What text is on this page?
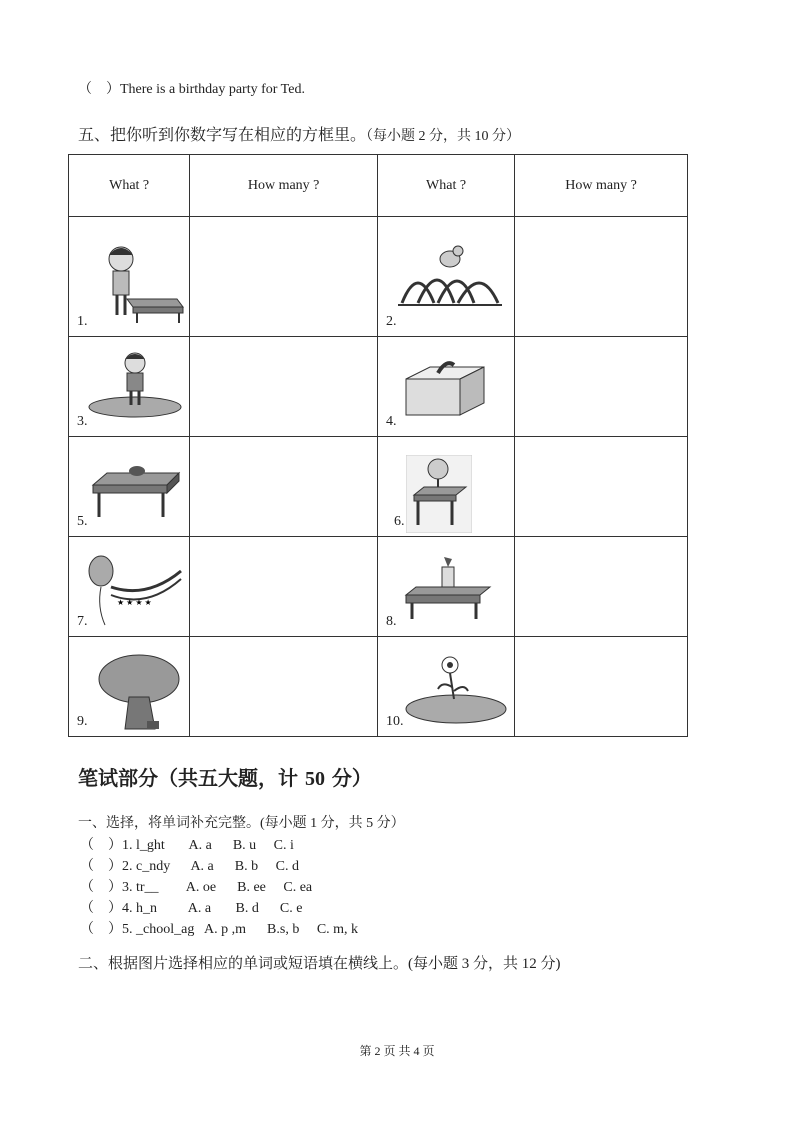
（    ）There is a birthday party for Ted.
五、把你听到你数字写在相应的方框里。（每小题 2 分，共 10 分）
What ?	How many ?	What ?	How many ?

1.		2.	

3.		4.	

5.		6.	

★ ★ ★ ★
7.		8.	

9.		10.	

笔试部分（共五大题，计 50 分）
一、选择，将单词补充完整。(每小题 1 分，共 5 分）
（    ）1. l_ght       A. a      B. u     C. i
（    ）2. c_ndy      A. a      B. b     C. d
（    ）3. tr__        A. oe      B. ee     C. ea
（    ）4. h_n         A. a       B. d      C. e
（    ）5. _chool_ag   A. p ,m      B.s, b     C. m, k
二、根据图片选择相应的单词或短语填在横线上。(每小题 3 分，共 12 分)
第 2 页 共 4 页
